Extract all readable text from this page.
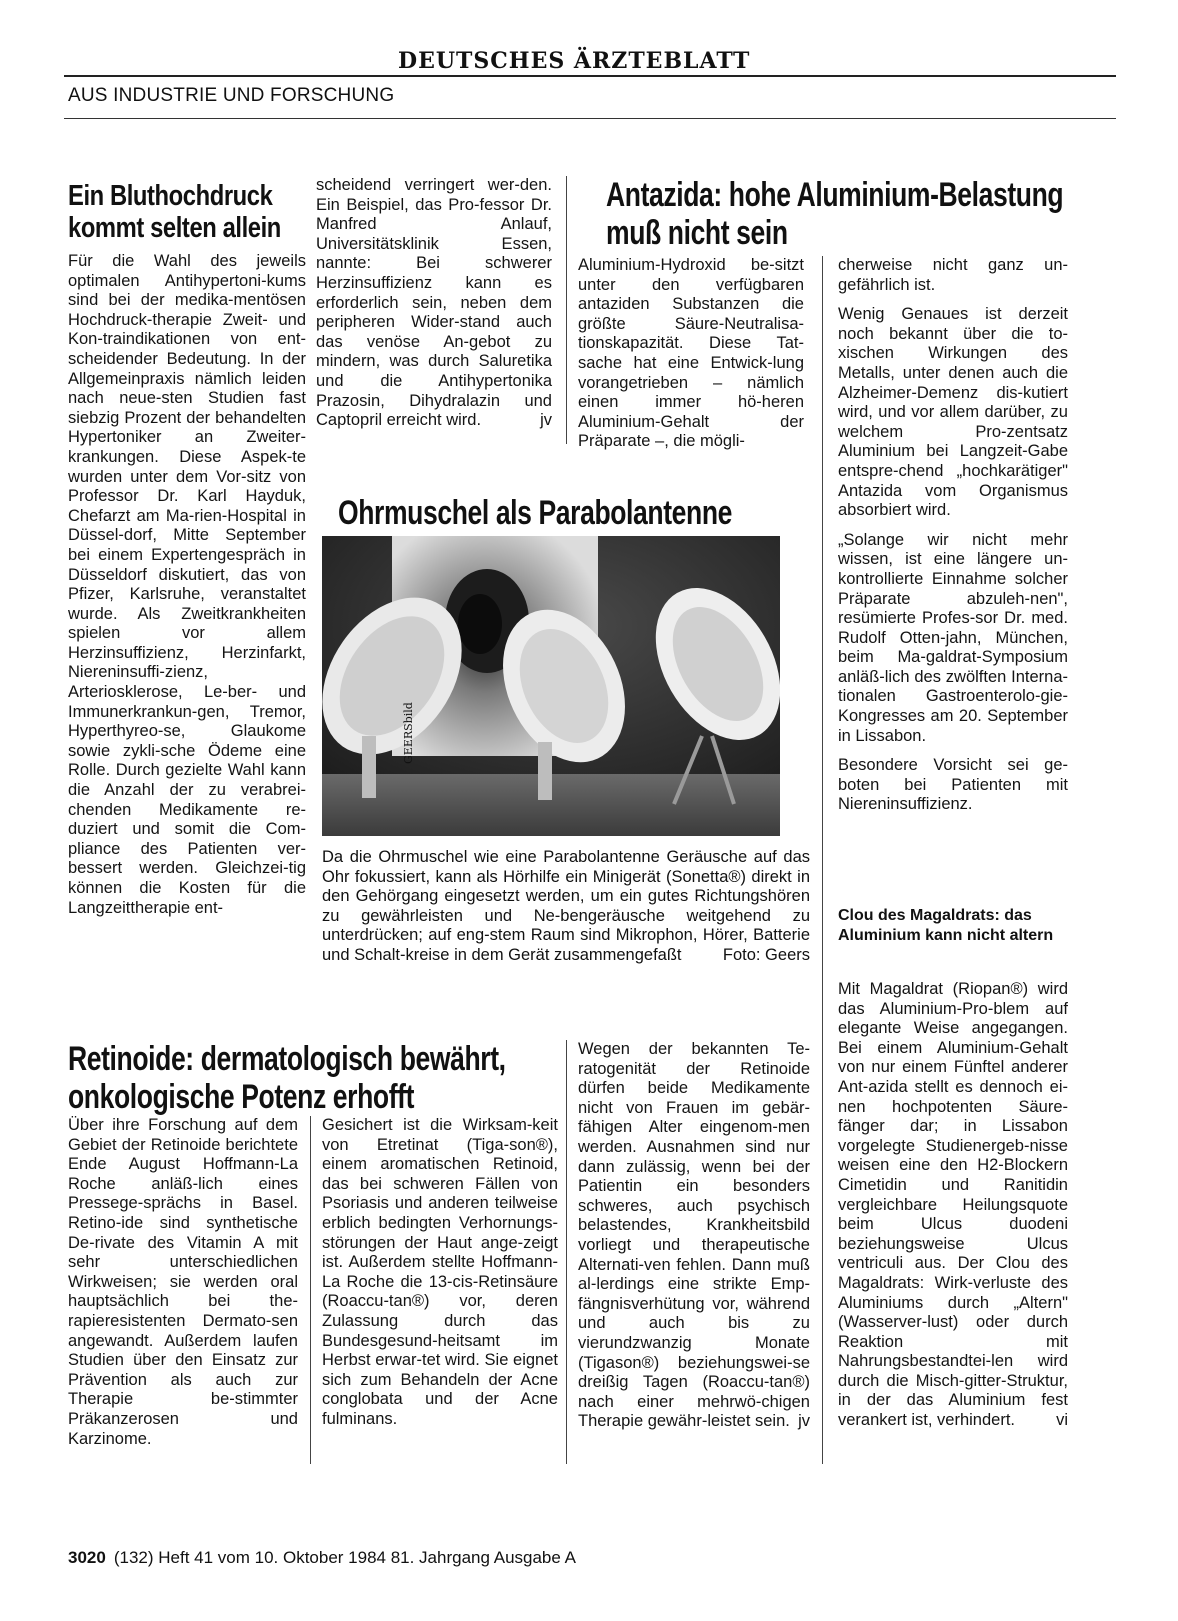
DEUTSCHES ÄRZTEBLATT
AUS INDUSTRIE UND FORSCHUNG
Ein Bluthochdruck kommt selten allein

Für die Wahl des jeweils optimalen Antihypertoni-kums sind bei der medika-mentösen Hochdruck-therapie Zweit- und Kon-traindikationen von ent-scheidender Bedeutung. In der Allgemeinpraxis nämlich leiden nach neue-sten Studien fast siebzig Prozent der behandelten Hypertoniker an Zweiter-krankungen. Diese Aspek-te wurden unter dem Vor-sitz von Professor Dr. Karl Hayduk, Chefarzt am Ma-rien-Hospital in Düssel-dorf, Mitte September bei einem Expertengespräch in Düsseldorf diskutiert, das von Pfizer, Karlsruhe, veranstaltet wurde. Als Zweitkrankheiten spielen vor allem Herzinsuffizienz, Herzinfarkt, Niereninsuffi-zienz, Arteriosklerose, Le-ber- und Immunerkrankun-gen, Tremor, Hyperthyreo-se, Glaukome sowie zykli-sche Ödeme eine Rolle. Durch gezielte Wahl kann die Anzahl der zu verabrei-chenden Medikamente re-duziert und somit die Com-pliance des Patienten ver-bessert werden. Gleichzei-tig können die Kosten für die Langzeittherapie ent-

scheidend verringert wer-den. Ein Beispiel, das Pro-fessor Dr. Manfred Anlauf, Universitätsklinik Essen, nannte: Bei schwerer Herzinsuffizienz kann es erforderlich sein, neben dem peripheren Wider-stand auch das venöse An-gebot zu mindern, was durch Saluretika und die Antihypertonika Prazosin, Dihydralazin und Captopril erreicht wird.	jv

Antazida: hohe Aluminium-Belastung muß nicht sein

Aluminium-Hydroxid be-sitzt unter den verfügbaren antaziden Substanzen die größte Säure-Neutralisa-tionskapazität. Diese Tat-sache hat eine Entwick-lung vorangetrieben – nämlich einen immer hö-heren Aluminium-Gehalt der Präparate –, die mögli-

cherweise nicht ganz un-gefährlich ist.

Wenig Genaues ist derzeit noch bekannt über die to-xischen Wirkungen des Metalls, unter denen auch die Alzheimer-Demenz dis-kutiert wird, und vor allem darüber, zu welchem Pro-zentsatz Aluminium bei Langzeit-Gabe entspre-chend „hochkarätiger" Antazida vom Organismus absorbiert wird.

„Solange wir nicht mehr wissen, ist eine längere un-kontrollierte Einnahme solcher Präparate abzuleh-nen", resümierte Profes-sor Dr. med. Rudolf Otten-jahn, München, beim Ma-galdrat-Symposium anläß-lich des zwölften Interna-tionalen Gastroenterolo-gie-Kongresses am 20. September in Lissabon.

Besondere Vorsicht sei ge-boten bei Patienten mit Niereninsuffizienz.

Clou des Magaldrats: das Aluminium kann nicht altern

Mit Magaldrat (Riopan®) wird das Aluminium-Pro-blem auf elegante Weise angegangen. Bei einem Aluminium-Gehalt von nur einem Fünftel anderer Ant-azida stellt es dennoch ei-nen hochpotenten Säure-fänger dar; in Lissabon vorgelegte Studienergeb-nisse weisen eine den H2-Blockern Cimetidin und Ranitidin vergleichbare Heilungsquote beim Ulcus duodeni beziehungsweise Ulcus ventriculi aus. Der Clou des Magaldrats: Wirk-verluste des Aluminiums durch „Altern" (Wasserver-lust) oder durch Reaktion mit Nahrungsbestandtei-len wird durch die Misch-gitter-Struktur, in der das Aluminium fest verankert ist, verhindert. vi

Ohrmuschel als Parabolantenne
GEERSbild
Da die Ohrmuschel wie eine Parabolantenne Geräusche auf das Ohr fokussiert, kann als Hörhilfe ein Minigerät (Sonetta®) direkt in den Gehörgang eingesetzt werden, um ein gutes Richtungshören zu gewährleisten und Ne-bengeräusche weitgehend zu unterdrücken; auf eng-stem Raum sind Mikrophon, Hörer, Batterie und Schalt-kreise in dem Gerät zusammengefaßt	Foto: Geers
Retinoide: dermatologisch bewährt, onkologische Potenz erhofft

Über ihre Forschung auf dem Gebiet der Retinoide berichtete Ende August Hoffmann-La Roche anläß-lich eines Pressege-sprächs in Basel. Retino-ide sind synthetische De-rivate des Vitamin A mit sehr unterschiedlichen Wirkweisen; sie werden oral hauptsächlich bei the-rapieresistenten Dermato-sen angewandt. Außerdem laufen Studien über den Einsatz zur Prävention als auch zur Therapie be-stimmter Präkanzerosen und Karzinome.

Gesichert ist die Wirksam-keit von Etretinat (Tiga-son®), einem aromatischen Retinoid, das bei schweren Fällen von Psoriasis und anderen teilweise erblich bedingten Verhornungs-störungen der Haut ange-zeigt ist. Außerdem stellte Hoffmann-La Roche die 13-cis-Retinsäure (Roaccu-tan®) vor, deren Zulassung durch das Bundesgesund-heitsamt im Herbst erwar-tet wird. Sie eignet sich zum Behandeln der Acne conglobata und der Acne fulminans.

Wegen der bekannten Te-ratogenität der Retinoide dürfen beide Medikamente nicht von Frauen im gebär-fähigen Alter eingenom-men werden. Ausnahmen sind nur dann zulässig, wenn bei der Patientin ein besonders schweres, auch psychisch belastendes, Krankheitsbild vorliegt und therapeutische Alternati-ven fehlen. Dann muß al-lerdings eine strikte Emp-fängnisverhütung vor, während und auch bis zu vierundzwanzig Monate (Tigason®) beziehungswei-se dreißig Tagen (Roaccu-tan®) nach einer mehrwö-chigen Therapie gewähr-leistet sein. jv

3020 (132) Heft 41 vom 10. Oktober 1984 81. Jahrgang Ausgabe A
